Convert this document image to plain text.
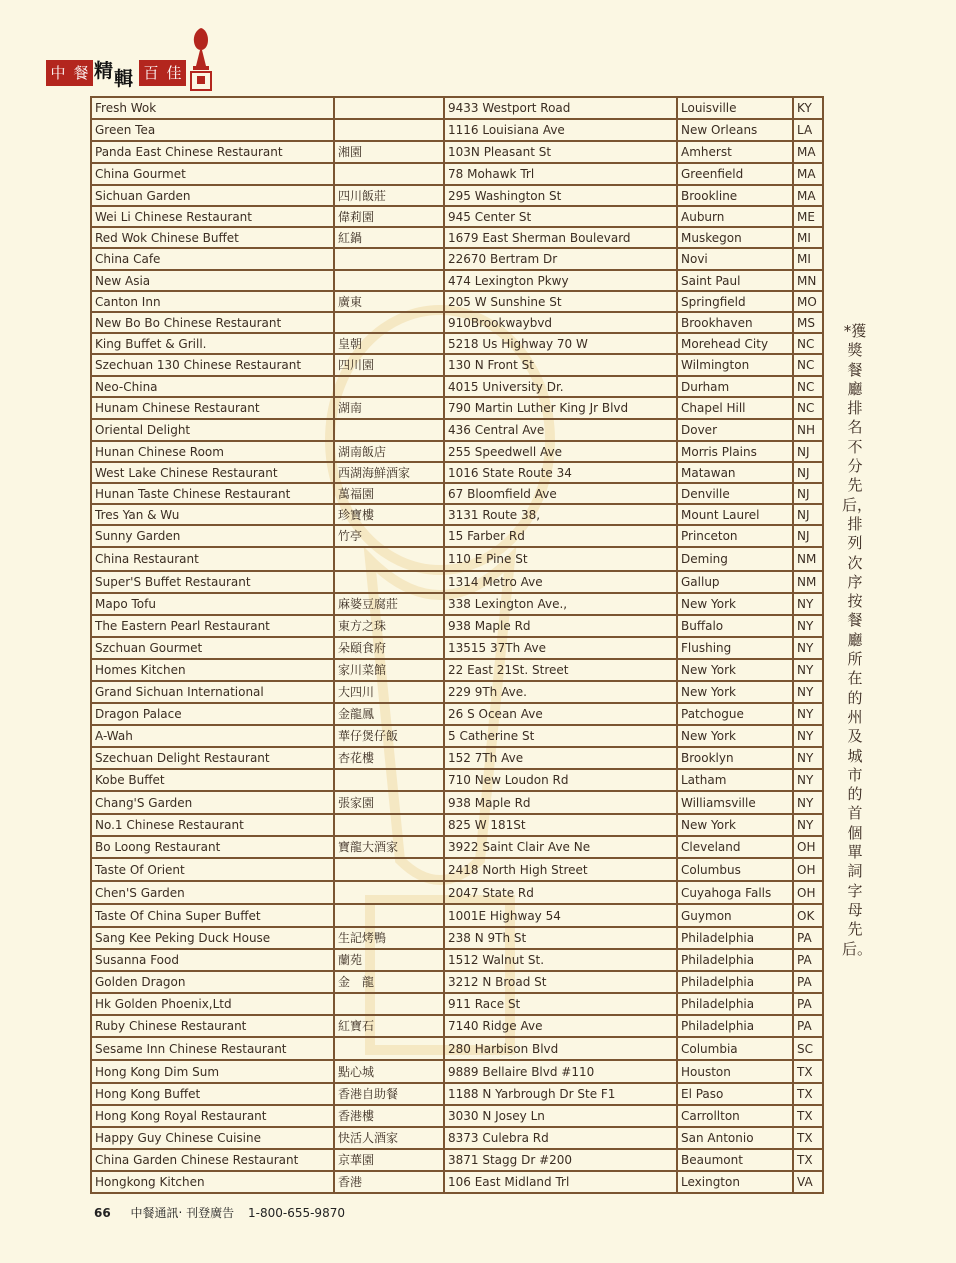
中 餐 精 輯 百 佳
Fresh Wok		9433 Westport Road	Louisville	KY
Green Tea		1116 Louisiana Ave	New Orleans	LA
Panda East Chinese Restaurant	湘園	103N Pleasant St	Amherst	MA
China Gourmet		78 Mohawk Trl	Greenfield	MA
Sichuan Garden	四川飯莊	295 Washington St	Brookline	MA
Wei Li Chinese Restaurant	偉莉園	945 Center St	Auburn	ME
Red Wok Chinese Buffet	紅鍋	1679 East Sherman Boulevard	Muskegon	MI
China Cafe		22670 Bertram Dr	Novi	MI
New Asia		474 Lexington Pkwy	Saint Paul	MN
Canton Inn	廣東	205 W Sunshine St	Springfield	MO
New Bo Bo Chinese Restaurant		910Brookwaybvd	Brookhaven	MS
King Buffet & Grill.	皇朝	5218 Us Highway 70 W	Morehead City	NC
Szechuan 130 Chinese Restaurant	四川園	130 N Front St	Wilmington	NC
Neo-China		4015 University Dr.	Durham	NC
Hunam Chinese Restaurant	湖南	790 Martin Luther King Jr Blvd	Chapel Hill	NC
Oriental Delight		436 Central Ave	Dover	NH
Hunan Chinese Room	湖南飯店	255 Speedwell Ave	Morris Plains	NJ
West Lake Chinese Restaurant	西湖海鮮酒家	1016 State Route 34	Matawan	NJ
Hunan Taste Chinese Restaurant	萬福園	67 Bloomfield Ave	Denville	NJ
Tres Yan & Wu	珍寶樓	3131 Route 38,	Mount Laurel	NJ
Sunny Garden	竹亭	15 Farber Rd	Princeton	NJ
China Restaurant		110 E Pine St	Deming	NM
Super'S Buffet Restaurant		1314 Metro Ave	Gallup	NM
Mapo Tofu	麻婆豆腐莊	338 Lexington Ave.,	New York	NY
The Eastern Pearl Restaurant	東方之珠	938 Maple Rd	Buffalo	NY
Szchuan Gourmet	朵頤食府	13515 37Th Ave	Flushing	NY
Homes Kitchen	家川菜館	22 East 21St. Street	New York	NY
Grand Sichuan International	大四川	229 9Th Ave.	New York	NY
Dragon Palace	金龍鳳	26 S Ocean Ave	Patchogue	NY
A-Wah	華仔煲仔飯	5 Catherine St	New York	NY
Szechuan Delight Restaurant	杏花樓	152 7Th Ave	Brooklyn	NY
Kobe Buffet		710 New Loudon Rd	Latham	NY
Chang'S Garden	張家園	938 Maple Rd	Williamsville	NY
No.1 Chinese Restaurant		825 W 181St	New York	NY
Bo Loong Restaurant	寶龍大酒家	3922 Saint Clair Ave Ne	Cleveland	OH
Taste Of Orient		2418 North High Street	Columbus	OH
Chen'S Garden		2047 State Rd	Cuyahoga Falls	OH
Taste Of China Super Buffet		1001E Highway 54	Guymon	OK
Sang Kee Peking Duck House	生記烤鴨	238 N 9Th St	Philadelphia	PA
Susanna Food	蘭苑	1512 Walnut St.	Philadelphia	PA
Golden Dragon	金　龍	3212 N Broad St	Philadelphia	PA
Hk Golden Phoenix,Ltd		911 Race St	Philadelphia	PA
Ruby Chinese Restaurant	紅寶石	7140 Ridge Ave	Philadelphia	PA
Sesame Inn Chinese Restaurant		280 Harbison Blvd	Columbia	SC
Hong Kong Dim Sum	點心城	9889 Bellaire Blvd #110	Houston	TX
Hong Kong Buffet	香港自助餐	1188 N Yarbrough Dr Ste F1	El Paso	TX
Hong Kong Royal Restaurant	香港樓	3030 N Josey Ln	Carrollton	TX
Happy Guy Chinese Cuisine	快活人酒家	8373 Culebra Rd	San Antonio	TX
China Garden Chinese Restaurant	京華園	3871 Stagg Dr #200	Beaumont	TX
Hongkong Kitchen	香港	106 East Midland Trl	Lexington	VA
*獲獎餐廳排名不分先后，排列次序按餐廳所在的州及城市的首個單詞字母先后。
66 中餐通訊‧ 刊登廣告 1-800-655-9870
